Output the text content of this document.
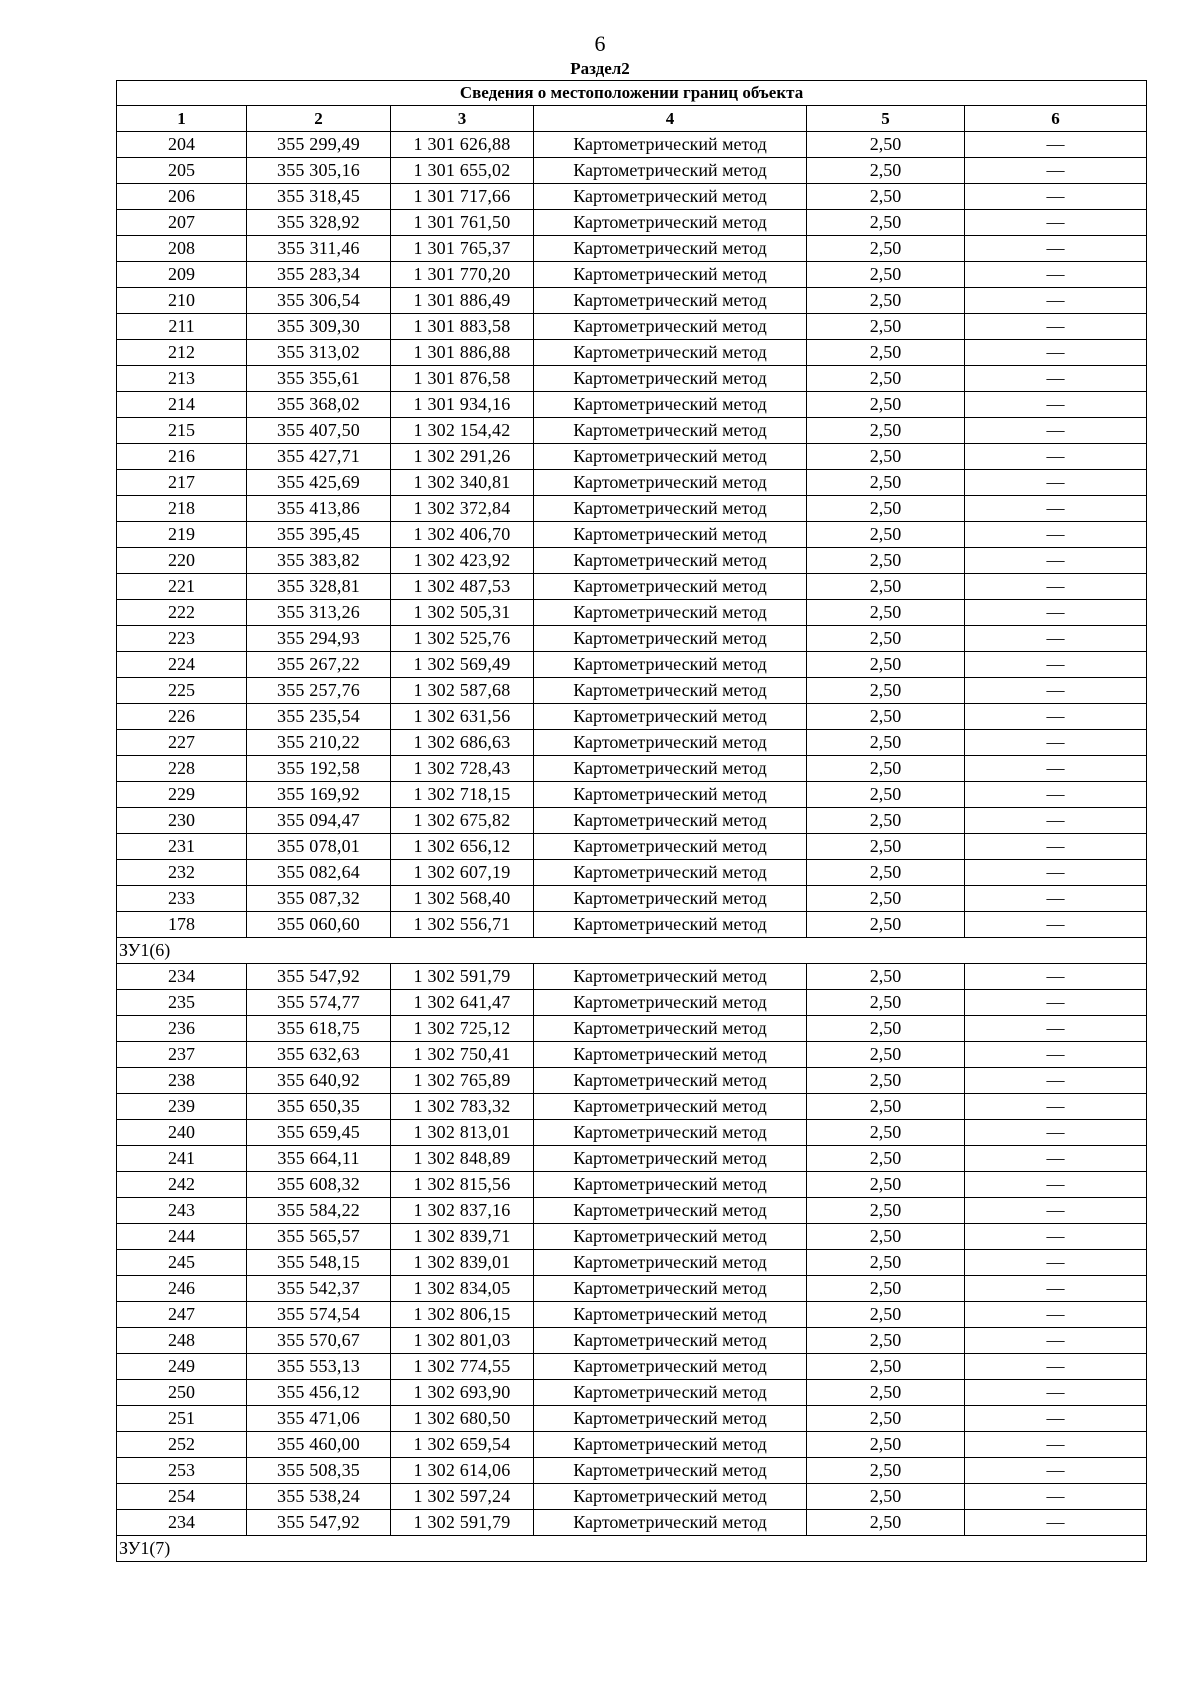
6
Раздел2
Сведения о местоположении границ объекта					
1	2	3	4	5	6
204	355 299,49	1 301 626,88	Картометрический метод	2,50	—
205	355 305,16	1 301 655,02	Картометрический метод	2,50	—
206	355 318,45	1 301 717,66	Картометрический метод	2,50	—
207	355 328,92	1 301 761,50	Картометрический метод	2,50	—
208	355 311,46	1 301 765,37	Картометрический метод	2,50	—
209	355 283,34	1 301 770,20	Картометрический метод	2,50	—
210	355 306,54	1 301 886,49	Картометрический метод	2,50	—
211	355 309,30	1 301 883,58	Картометрический метод	2,50	—
212	355 313,02	1 301 886,88	Картометрический метод	2,50	—
213	355 355,61	1 301 876,58	Картометрический метод	2,50	—
214	355 368,02	1 301 934,16	Картометрический метод	2,50	—
215	355 407,50	1 302 154,42	Картометрический метод	2,50	—
216	355 427,71	1 302 291,26	Картометрический метод	2,50	—
217	355 425,69	1 302 340,81	Картометрический метод	2,50	—
218	355 413,86	1 302 372,84	Картометрический метод	2,50	—
219	355 395,45	1 302 406,70	Картометрический метод	2,50	—
220	355 383,82	1 302 423,92	Картометрический метод	2,50	—
221	355 328,81	1 302 487,53	Картометрический метод	2,50	—
222	355 313,26	1 302 505,31	Картометрический метод	2,50	—
223	355 294,93	1 302 525,76	Картометрический метод	2,50	—
224	355 267,22	1 302 569,49	Картометрический метод	2,50	—
225	355 257,76	1 302 587,68	Картометрический метод	2,50	—
226	355 235,54	1 302 631,56	Картометрический метод	2,50	—
227	355 210,22	1 302 686,63	Картометрический метод	2,50	—
228	355 192,58	1 302 728,43	Картометрический метод	2,50	—
229	355 169,92	1 302 718,15	Картометрический метод	2,50	—
230	355 094,47	1 302 675,82	Картометрический метод	2,50	—
231	355 078,01	1 302 656,12	Картометрический метод	2,50	—
232	355 082,64	1 302 607,19	Картометрический метод	2,50	—
233	355 087,32	1 302 568,40	Картометрический метод	2,50	—
178	355 060,60	1 302 556,71	Картометрический метод	2,50	—
ЗУ1(6)					
234	355 547,92	1 302 591,79	Картометрический метод	2,50	—
235	355 574,77	1 302 641,47	Картометрический метод	2,50	—
236	355 618,75	1 302 725,12	Картометрический метод	2,50	—
237	355 632,63	1 302 750,41	Картометрический метод	2,50	—
238	355 640,92	1 302 765,89	Картометрический метод	2,50	—
239	355 650,35	1 302 783,32	Картометрический метод	2,50	—
240	355 659,45	1 302 813,01	Картометрический метод	2,50	—
241	355 664,11	1 302 848,89	Картометрический метод	2,50	—
242	355 608,32	1 302 815,56	Картометрический метод	2,50	—
243	355 584,22	1 302 837,16	Картометрический метод	2,50	—
244	355 565,57	1 302 839,71	Картометрический метод	2,50	—
245	355 548,15	1 302 839,01	Картометрический метод	2,50	—
246	355 542,37	1 302 834,05	Картометрический метод	2,50	—
247	355 574,54	1 302 806,15	Картометрический метод	2,50	—
248	355 570,67	1 302 801,03	Картометрический метод	2,50	—
249	355 553,13	1 302 774,55	Картометрический метод	2,50	—
250	355 456,12	1 302 693,90	Картометрический метод	2,50	—
251	355 471,06	1 302 680,50	Картометрический метод	2,50	—
252	355 460,00	1 302 659,54	Картометрический метод	2,50	—
253	355 508,35	1 302 614,06	Картометрический метод	2,50	—
254	355 538,24	1 302 597,24	Картометрический метод	2,50	—
234	355 547,92	1 302 591,79	Картометрический метод	2,50	—
ЗУ1(7)					
